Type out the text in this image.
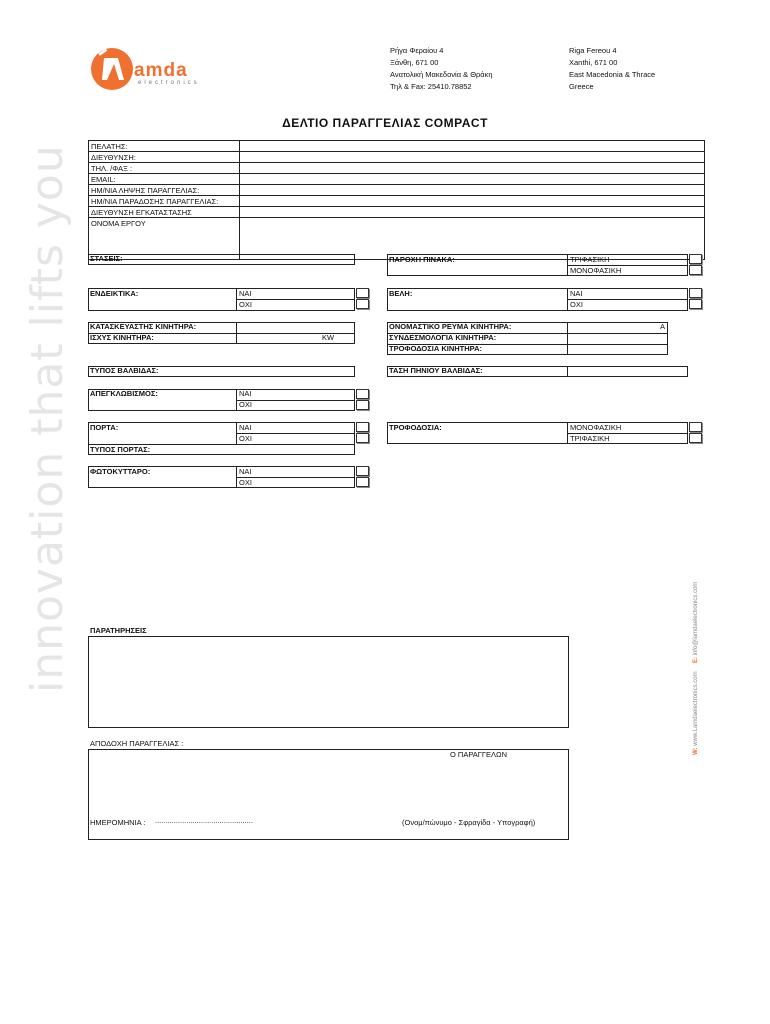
innovation that lifts you
W: www.Lamdaelectronics.com     E: info@lamdaelectronics.com
amda
electronics
Ρήγα Φεραίου 4
Ξάνθη, 671 00
Ανατολική Μακεδονία & Θράκη
Τηλ & Fax: 25410.78852
Riga Fereou 4
Xanthi, 671 00
East Macedonia & Thrace
Greece
ΔΕΛΤΙΟ ΠΑΡΑΓΓΕΛΙΑΣ COMPACT
ΠΕΛΑΤΗΣ:
ΔΙΕΥΘΥΝΣΗ:
ΤΗΛ. /ΦΑΞ :
EMAIL:
ΗΜ/ΝΙΑ ΛΗΨΗΣ ΠΑΡΑΓΓΕΛΙΑΣ:
ΗΜ/ΝΙΑ ΠΑΡΑΔΟΣΗΣ ΠΑΡΑΓΓΕΛΙΑΣ:
ΔΙΕΥΘΥΝΣΗ ΕΓΚΑΤΑΣΤΑΣΗΣ
ΟΝΟΜΑ ΕΡΓΟΥ
ΣΤΑΣΕΙΣ:
ΕΝΔΕΙΚΤΙΚΑ:	ΝΑΙ
ΟΧΙ
ΚΑΤΑΣΚΕΥΑΣΤΗΣ ΚΙΝΗΤΗΡΑ:
ΙΣΧΥΣ ΚΙΝΗΤΗΡΑ:	KW
ΤΥΠΟΣ ΒΑΛΒΙΔΑΣ:
ΑΠΕΓΚΛΩΒΙΣΜΟΣ:	ΝΑΙ
ΟΧΙ
ΠΟΡΤΑ:	ΝΑΙ
ΟΧΙ
ΤΥΠΟΣ ΠΟΡΤΑΣ:
ΦΩΤΟΚΥΤΤΑΡΟ:	ΝΑΙ
ΟΧΙ
ΠΑΡΟΧΗ ΠΙΝΑΚΑ:	ΤΡΙΦΑΣΙΚΗ
ΜΟΝΟΦΑΣΙΚΗ
ΒΕΛΗ:	ΝΑΙ
ΟΧΙ
ΟΝΟΜΑΣΤΙΚΟ ΡΕΥΜΑ ΚΙΝΗΤΗΡΑ:	A
ΣΥΝΔΕΣΜΟΛΟΓΙΑ ΚΙΝΗΤΗΡΑ:
ΤΡΟΦΟΔΟΣΙΑ ΚΙΝΗΤΗΡΑ:
ΤΑΣΗ ΠΗΝΙΟΥ ΒΑΛΒΙΔΑΣ:
ΤΡΟΦΟΔΟΣΙΑ:	ΜΟΝΟΦΑΣΙΚΗ
ΤΡΙΦΑΣΙΚΗ
ΠΑΡΑΤΗΡΗΣΕΙΣ
ΑΠΟΔΟΧΗ ΠΑΡΑΓΓΕΛΙΑΣ :
Ο ΠΑΡΑΓΓΕΛΩΝ
ΗΜΕΡΟΜΗΝΙΑ : ...............................................	(Ονομ/πώνυμο - Σφραγίδα - Υπογραφή)
